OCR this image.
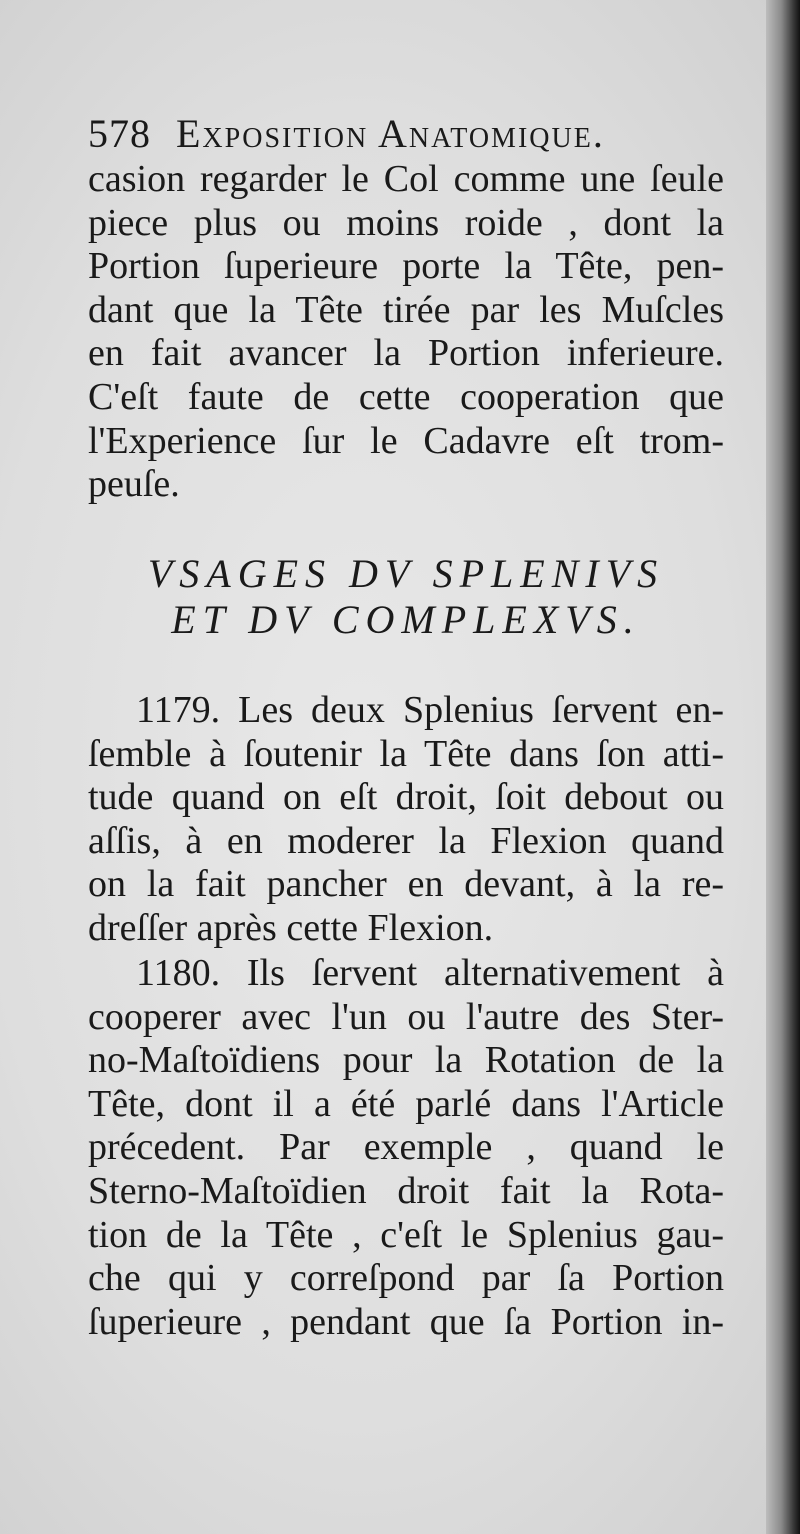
578 Exposition Anatomique.
casion regarder le Col comme une ſeule
piece plus ou moins roide , dont la
Portion ſuperieure porte la Tête, pen-
dant que la Tête tirée par les Muſcles
en fait avancer la Portion inferieure.
C'eſt faute de cette cooperation que
l'Experience ſur le Cadavre eſt trom-
peuſe.
VSAGES DV SPLENIVS
ET DV COMPLEXVS.
1179. Les deux Splenius ſervent en-
ſemble à ſoutenir la Tête dans ſon atti-
tude quand on eſt droit, ſoit debout ou
aſſis, à en moderer la Flexion quand
on la fait pancher en devant, à la re-
dreſſer après cette Flexion.
1180. Ils ſervent alternativement à
cooperer avec l'un ou l'autre des Ster-
no-Maſtoïdiens pour la Rotation de la
Tête, dont il a été parlé dans l'Article
précedent. Par exemple , quand le
Sterno-Maſtoïdien droit fait la Rota-
tion de la Tête , c'eſt le Splenius gau-
che qui y correſpond par ſa Portion
ſuperieure , pendant que ſa Portion in-
